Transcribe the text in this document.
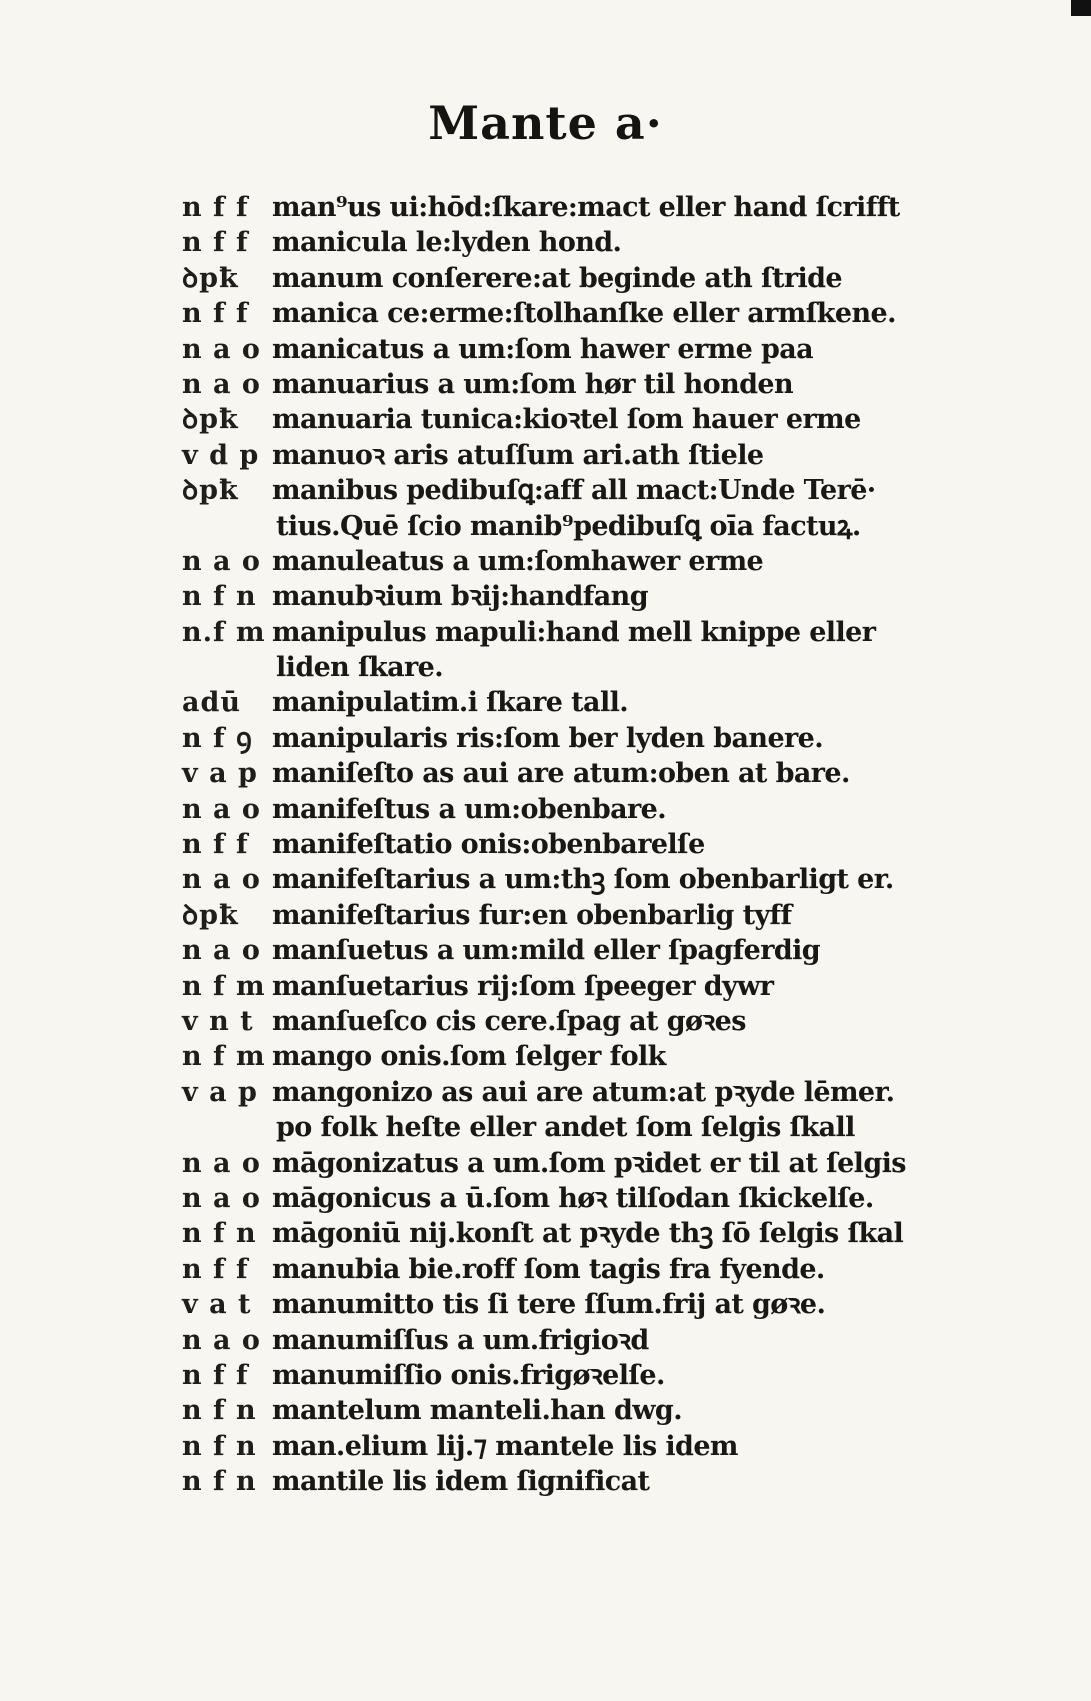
Mante a·
n f f man⁹us ui:hōd:ſkare:mact eller hand ſcrifft
n f f manicula le:lyden hond.
ꝺpꝁ	manum conſerere:at beginde ath ſtride
n f f manica ce:erme:ſtolhanſke eller armſkene.
n a o manicatus a um:ſom hawer erme paa
n a o manuarius a um:ſom hør til honden
ꝺpꝁ	manuaria tunica:kioꝛtel ſom hauer erme
v d p manuoꝛ aris atuſſum ari.ath ſtiele
ꝺpꝁ	manibus pedibuſꝗ:aff all mact:Unde Terē·
tius.Quē ſcio manib⁹pedibuſꝗ oīa factuꝝ.
n a o manuleatus a um:ſomhawer erme
n f n manubꝛium bꝛij:handfang
n.f m manipulus mapuli:hand mell knippe eller
liden ſkare.
adū	manipulatim.i ſkare tall.
n f ꝯ manipularis ris:ſom ber lyden banere.
v a p maniſeſto as aui are atum:oben at bare.
n a o manifeſtus a um:obenbare.
n f f manifeſtatio onis:obenbarelſe
n a o manifeſtarius a um:thꝫ ſom obenbarligt er.
ꝺpꝁ	manifeſtarius fur:en obenbarlig tyff
n a o manſuetus a um:mild eller ſpagferdig
n f m manſuetarius rij:ſom ſpeeger dywr
v n t manſueſco cis cere.ſpag at gøꝛes
n f m mango onis.ſom ſelger folk
v a p mangonizo as aui are atum:at pꝛyde lēmer.
po folk heſte eller andet ſom ſelgis ſkall
n a o māgonizatus a um.ſom pꝛidet er til at ſelgis
n a o māgonicus a ū.ſom høꝛ tilſodan ſkickelſe.
n f n māgoniū nij.konſt at pꝛyde thꝫ ſō ſelgis ſkal
n f f manubia bie.roff ſom tagis fra fyende.
v a t manumitto tis ſi tere ſſum.frij at gøꝛe.
n a o manumiſſus a um.frigioꝛd
n f f manumiſſio onis.frigøꝛelſe.
n f n mantelum manteli.han dwg.
n f n man.elium lij.⁊ mantele lis idem
n f n mantile lis idem ſignificat
